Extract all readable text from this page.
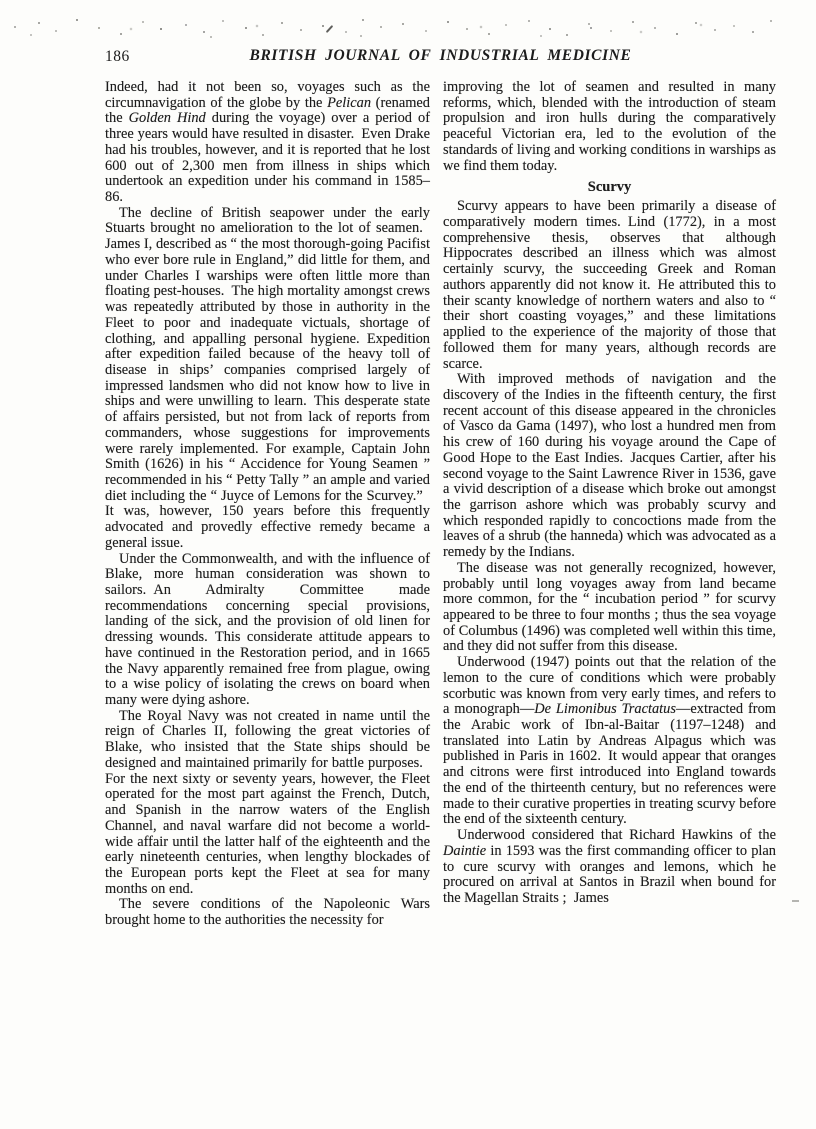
186	BRITISH JOURNAL OF INDUSTRIAL MEDICINE

Indeed, had it not been so, voyages such as the circumnavigation of the globe by the Pelican (renamed the Golden Hind during the voyage) over a period of three years would have resulted in disaster. Even Drake had his troubles, however, and it is reported that he lost 600 out of 2,300 men from illness in ships which undertook an expedition under his command in 1585–86.

The decline of British seapower under the early Stuarts brought no amelioration to the lot of seamen. James I, described as “ the most thorough-going Pacifist who ever bore rule in England,” did little for them, and under Charles I warships were often little more than floating pest-houses. The high mortality amongst crews was repeatedly attributed by those in authority in the Fleet to poor and inadequate victuals, shortage of clothing, and appalling personal hygiene. Expedition after expedition failed because of the heavy toll of disease in ships’ companies comprised largely of impressed landsmen who did not know how to live in ships and were unwilling to learn. This desperate state of affairs persisted, but not from lack of reports from commanders, whose suggestions for improvements were rarely implemented. For example, Captain John Smith (1626) in his “ Accidence for Young Seamen ” recommended in his “ Petty Tally ” an ample and varied diet including the “ Juyce of Lemons for the Scurvey.” It was, however, 150 years before this frequently advocated and provedly effective remedy became a general issue.

Under the Commonwealth, and with the influence of Blake, more human consideration was shown to sailors. An Admiralty Committee made recommendations concerning special provisions, landing of the sick, and the provision of old linen for dressing wounds. This considerate attitude appears to have continued in the Restoration period, and in 1665 the Navy apparently remained free from plague, owing to a wise policy of isolating the crews on board when many were dying ashore.

The Royal Navy was not created in name until the reign of Charles II, following the great victories of Blake, who insisted that the State ships should be designed and maintained primarily for battle purposes. For the next sixty or seventy years, however, the Fleet operated for the most part against the French, Dutch, and Spanish in the narrow waters of the English Channel, and naval warfare did not become a world-wide affair until the latter half of the eighteenth and the early nineteenth centuries, when lengthy blockades of the European ports kept the Fleet at sea for many months on end.

The severe conditions of the Napoleonic Wars brought home to the authorities the necessity for

improving the lot of seamen and resulted in many reforms, which, blended with the introduction of steam propulsion and iron hulls during the comparatively peaceful Victorian era, led to the evolution of the standards of living and working conditions in warships as we find them today.

Scurvy

Scurvy appears to have been primarily a disease of comparatively modern times. Lind (1772), in a most comprehensive thesis, observes that although Hippocrates described an illness which was almost certainly scurvy, the succeeding Greek and Roman authors apparently did not know it. He attributed this to their scanty knowledge of northern waters and also to “ their short coasting voyages,” and these limitations applied to the experience of the majority of those that followed them for many years, although records are scarce.

With improved methods of navigation and the discovery of the Indies in the fifteenth century, the first recent account of this disease appeared in the chronicles of Vasco da Gama (1497), who lost a hundred men from his crew of 160 during his voyage around the Cape of Good Hope to the East Indies. Jacques Cartier, after his second voyage to the Saint Lawrence River in 1536, gave a vivid description of a disease which broke out amongst the garrison ashore which was probably scurvy and which responded rapidly to concoctions made from the leaves of a shrub (the hanneda) which was advocated as a remedy by the Indians.

The disease was not generally recognized, however, probably until long voyages away from land became more common, for the “ incubation period ” for scurvy appeared to be three to four months ; thus the sea voyage of Columbus (1496) was completed well within this time, and they did not suffer from this disease.

Underwood (1947) points out that the relation of the lemon to the cure of conditions which were probably scorbutic was known from very early times, and refers to a monograph—De Limonibus Tractatus—extracted from the Arabic work of Ibn-al-Baitar (1197–1248) and translated into Latin by Andreas Alpagus which was published in Paris in 1602. It would appear that oranges and citrons were first introduced into England towards the end of the thirteenth century, but no references were made to their curative properties in treating scurvy before the end of the sixteenth century.

Underwood considered that Richard Hawkins of the Daintie in 1593 was the first commanding officer to plan to cure scurvy with oranges and lemons, which he procured on arrival at Santos in Brazil when bound for the Magellan Straits ; James
